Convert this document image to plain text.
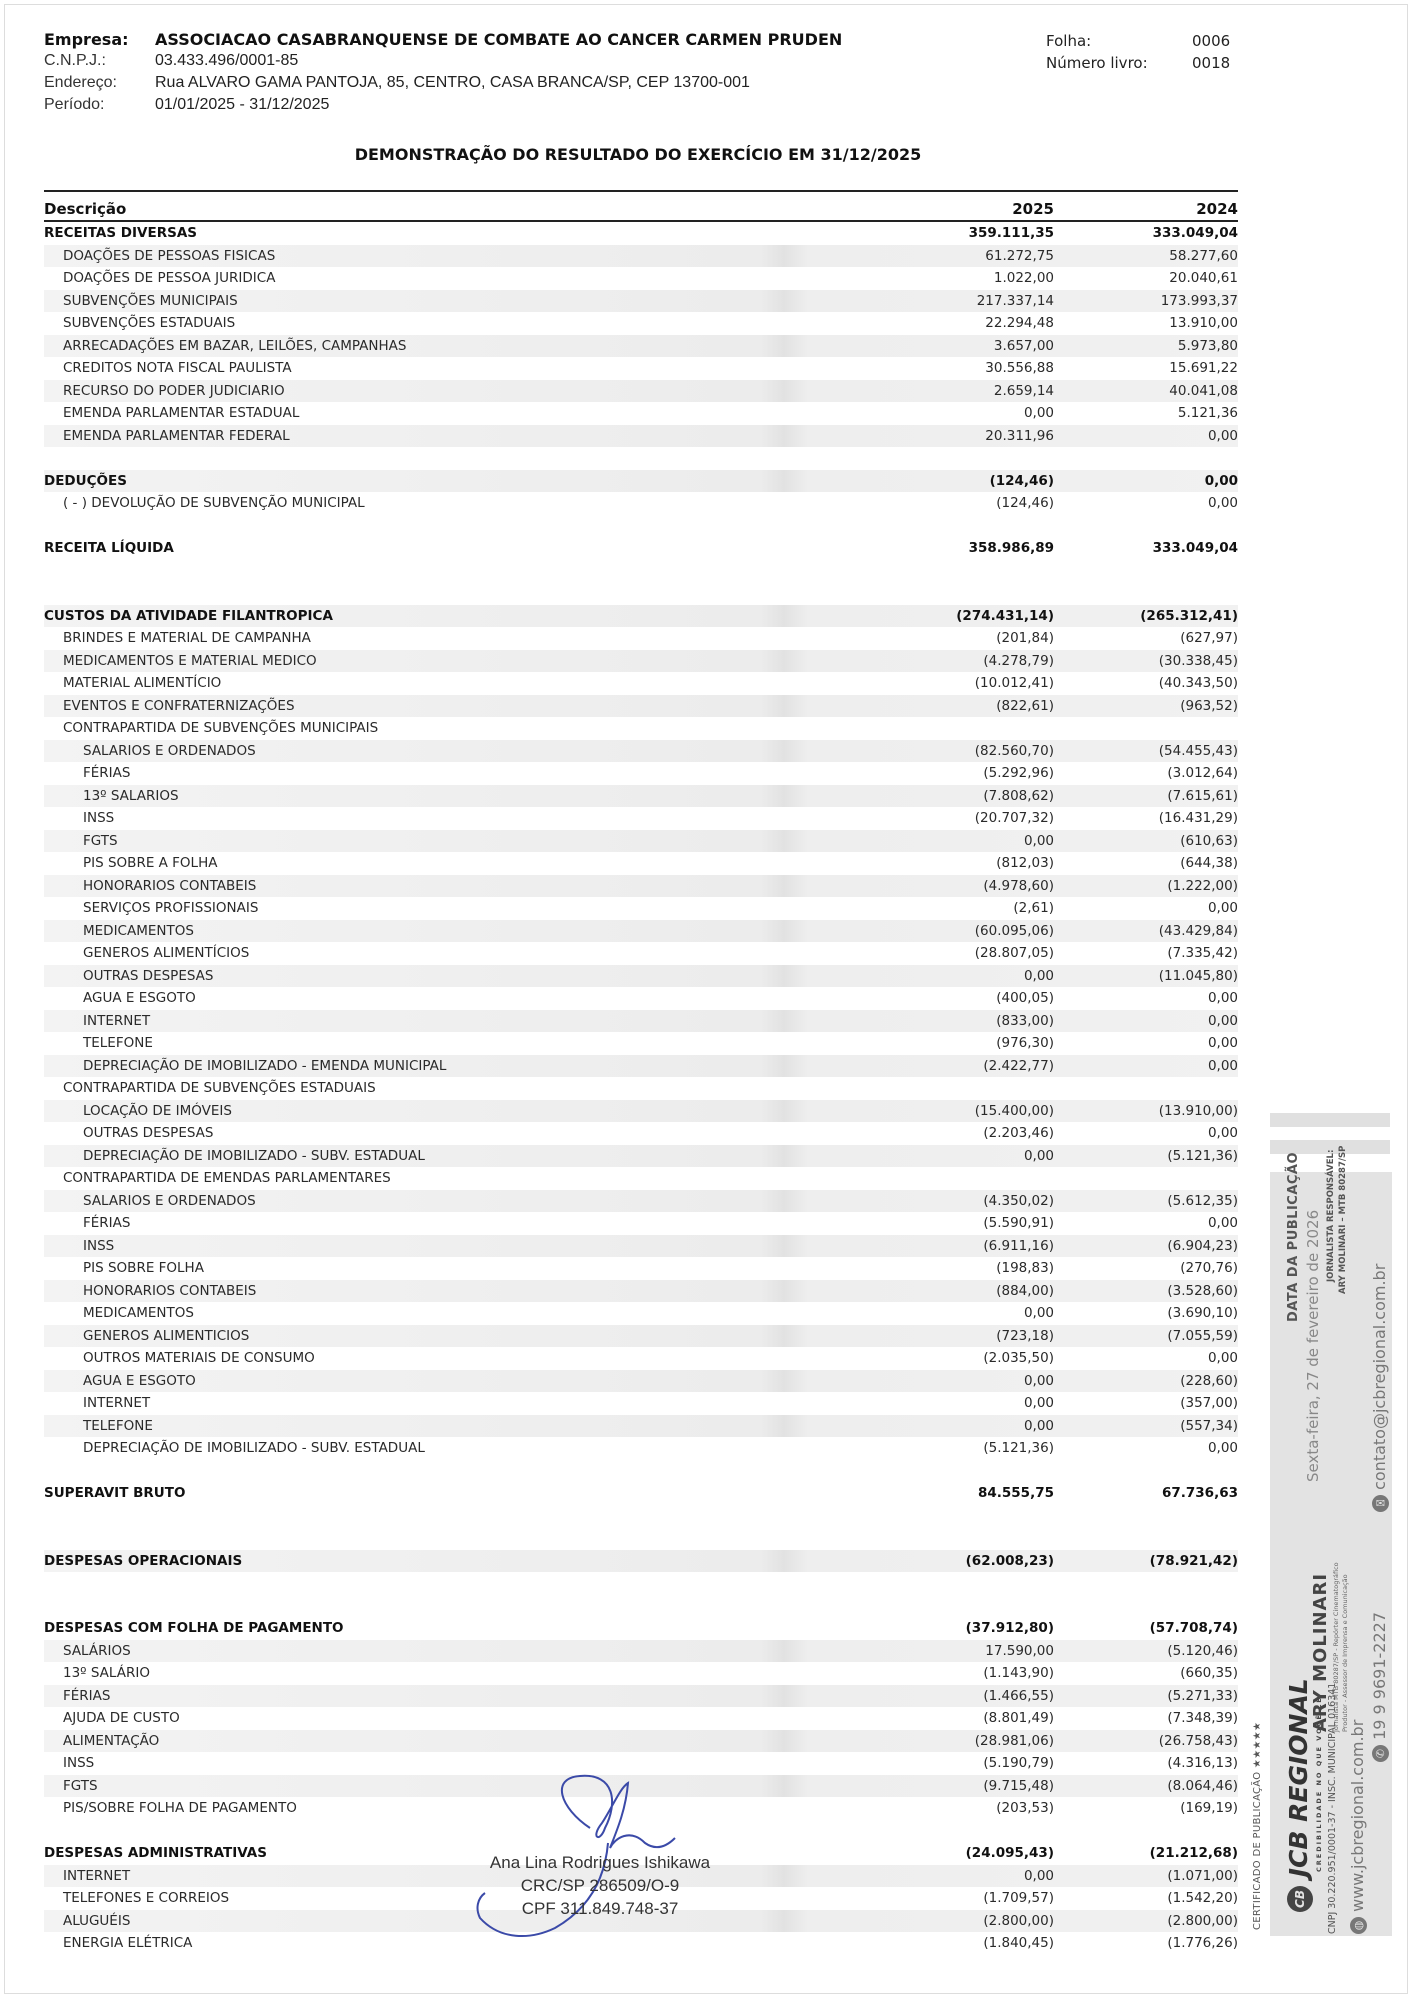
Empresa:	ASSOCIACAO CASABRANQUENSE DE COMBATE AO CANCER CARMEN PRUDEN
C.N.P.J.:	03.433.496/0001-85
Endereço:	Rua ALVARO GAMA PANTOJA, 85, CENTRO, CASA BRANCA/SP, CEP 13700-001
Período:	01/01/2025 - 31/12/2025
Folha:	0006
Número livro:	0018
DEMONSTRAÇÃO DO RESULTADO DO EXERCÍCIO EM 31/12/2025
Descrição	2025	2024
RECEITAS DIVERSAS	359.111,35	333.049,04
DOAÇÕES DE PESSOAS FISICAS	61.272,75	58.277,60
DOAÇÕES DE PESSOA JURIDICA	1.022,00	20.040,61
SUBVENÇÕES MUNICIPAIS	217.337,14	173.993,37
SUBVENÇÕES ESTADUAIS	22.294,48	13.910,00
ARRECADAÇÕES EM BAZAR, LEILÕES, CAMPANHAS	3.657,00	5.973,80
CREDITOS NOTA FISCAL PAULISTA	30.556,88	15.691,22
RECURSO DO PODER JUDICIARIO	2.659,14	40.041,08
EMENDA PARLAMENTAR ESTADUAL	0,00	5.121,36
EMENDA PARLAMENTAR FEDERAL	20.311,96	0,00
DEDUÇÕES	(124,46)	0,00
( - ) DEVOLUÇÃO DE SUBVENÇÃO MUNICIPAL	(124,46)	0,00
RECEITA LÍQUIDA	358.986,89	333.049,04
CUSTOS DA ATIVIDADE FILANTROPICA	(274.431,14)	(265.312,41)
BRINDES E MATERIAL DE CAMPANHA	(201,84)	(627,97)
MEDICAMENTOS E MATERIAL MEDICO	(4.278,79)	(30.338,45)
MATERIAL ALIMENTÍCIO	(10.012,41)	(40.343,50)
EVENTOS E CONFRATERNIZAÇÕES	(822,61)	(963,52)
CONTRAPARTIDA DE SUBVENÇÕES MUNICIPAIS
SALARIOS E ORDENADOS	(82.560,70)	(54.455,43)
FÉRIAS	(5.292,96)	(3.012,64)
13º SALARIOS	(7.808,62)	(7.615,61)
INSS	(20.707,32)	(16.431,29)
FGTS	0,00	(610,63)
PIS SOBRE A FOLHA	(812,03)	(644,38)
HONORARIOS CONTABEIS	(4.978,60)	(1.222,00)
SERVIÇOS PROFISSIONAIS	(2,61)	0,00
MEDICAMENTOS	(60.095,06)	(43.429,84)
GENEROS ALIMENTÍCIOS	(28.807,05)	(7.335,42)
OUTRAS DESPESAS	0,00	(11.045,80)
AGUA E ESGOTO	(400,05)	0,00
INTERNET	(833,00)	0,00
TELEFONE	(976,30)	0,00
DEPRECIAÇÃO DE IMOBILIZADO - EMENDA MUNICIPAL	(2.422,77)	0,00
CONTRAPARTIDA DE SUBVENÇÕES ESTADUAIS
LOCAÇÃO DE IMÓVEIS	(15.400,00)	(13.910,00)
OUTRAS DESPESAS	(2.203,46)	0,00
DEPRECIAÇÃO DE IMOBILIZADO - SUBV. ESTADUAL	0,00	(5.121,36)
CONTRAPARTIDA DE EMENDAS PARLAMENTARES
SALARIOS E ORDENADOS	(4.350,02)	(5.612,35)
FÉRIAS	(5.590,91)	0,00
INSS	(6.911,16)	(6.904,23)
PIS SOBRE FOLHA	(198,83)	(270,76)
HONORARIOS CONTABEIS	(884,00)	(3.528,60)
MEDICAMENTOS	0,00	(3.690,10)
GENEROS ALIMENTICIOS	(723,18)	(7.055,59)
OUTROS MATERIAIS DE CONSUMO	(2.035,50)	0,00
AGUA E ESGOTO	0,00	(228,60)
INTERNET	0,00	(357,00)
TELEFONE	0,00	(557,34)
DEPRECIAÇÃO DE IMOBILIZADO - SUBV. ESTADUAL	(5.121,36)	0,00
SUPERAVIT BRUTO	84.555,75	67.736,63
DESPESAS OPERACIONAIS	(62.008,23)	(78.921,42)
DESPESAS COM FOLHA DE PAGAMENTO	(37.912,80)	(57.708,74)
SALÁRIOS	17.590,00	(5.120,46)
13º SALÁRIO	(1.143,90)	(660,35)
FÉRIAS	(1.466,55)	(5.271,33)
AJUDA DE CUSTO	(8.801,49)	(7.348,39)
ALIMENTAÇÃO	(28.981,06)	(26.758,43)
INSS	(5.190,79)	(4.316,13)
FGTS	(9.715,48)	(8.064,46)
PIS/SOBRE FOLHA DE PAGAMENTO	(203,53)	(169,19)
DESPESAS ADMINISTRATIVAS	(24.095,43)	(21.212,68)
INTERNET	0,00	(1.071,00)
TELEFONES E CORREIOS	(1.709,57)	(1.542,20)
ALUGUÉIS	(2.800,00)	(2.800,00)
ENERGIA ELÉTRICA	(1.840,45)	(1.776,26)
Ana Lina Rodrigues Ishikawa
CRC/SP 286509/O-9
CPF 311.849.748-37
DATA DA PUBLICAÇÃO Sexta-feira, 27 de fevereiro de 2026 JORNALISTA RESPONSÁVEL: ARY MOLINARI – MTB 80287/SP
✉ contato@jcbregional.com.br
ARY MOLINARI Jornalista MTB 80287/SP - Repórter Cinematográfico Produtor - Assessor de Imprensa e Comunicação
✆ 19 9 9691-2227
CB JCB REGIONAL CREDIBILIDADE NO QUE VOCÊ LÊ CNPJ 30.220.951/0001-37 - INSC. MUNICIPAL 016341	◍ www.jcbregional.com.br
CERTIFICADO DE PUBLICAÇÃO ★★★★★
